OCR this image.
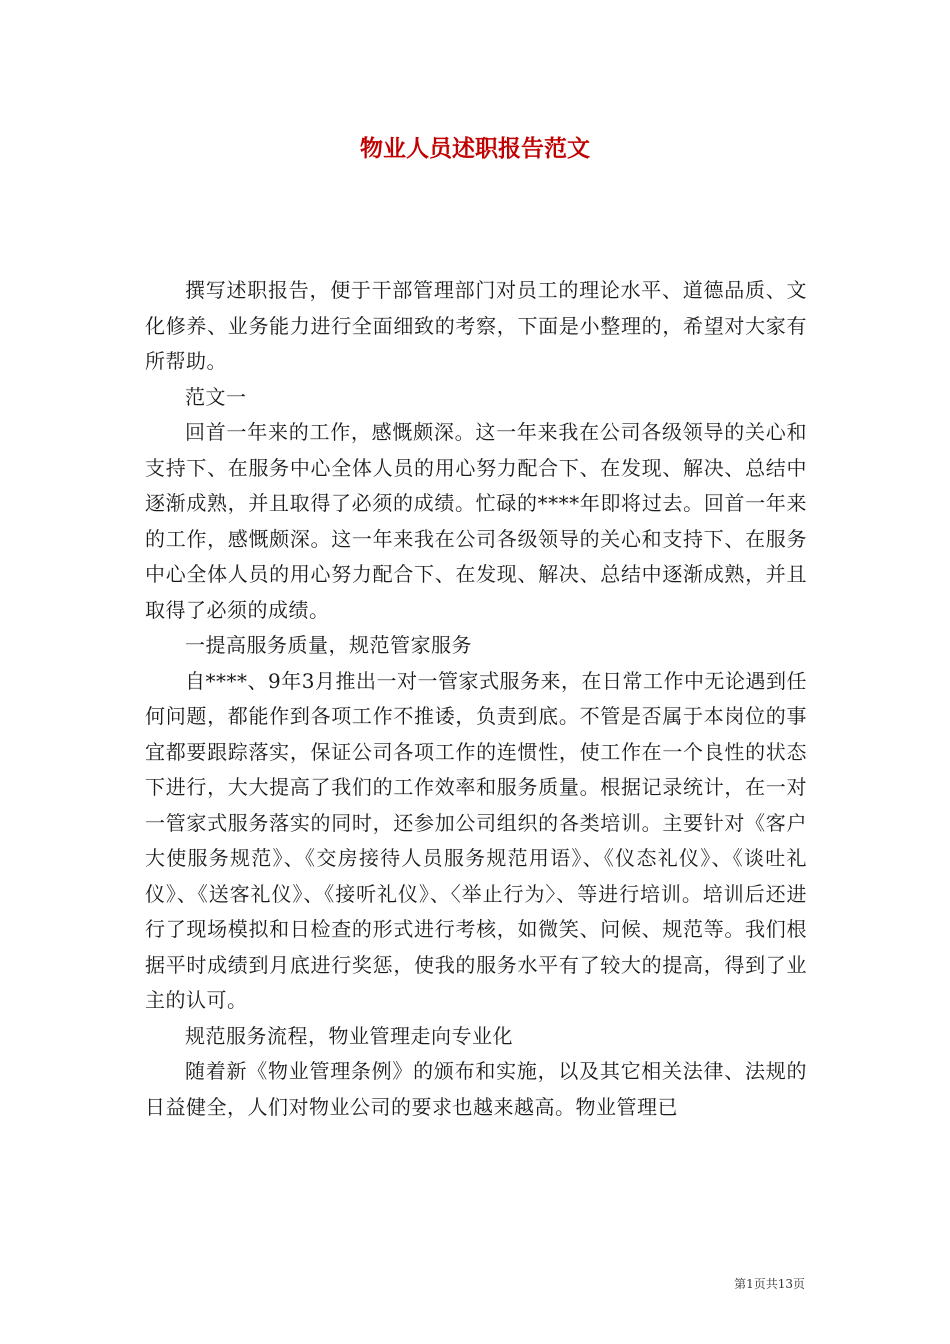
物业人员述职报告范文

撰写述职报告，便于干部管理部门对员工的理论水平、道德品质、文化修养、业务能力进行全面细致的考察，下面是小整理的，希望对大家有所帮助。

范文一

回首一年来的工作，感慨颇深。这一年来我在公司各级领导的关心和支持下、在服务中心全体人员的用心努力配合下、在发现、解决、总结中逐渐成熟，并且取得了必须的成绩。忙碌的****年即将过去。回首一年来的工作，感慨颇深。这一年来我在公司各级领导的关心和支持下、在服务中心全体人员的用心努力配合下、在发现、解决、总结中逐渐成熟，并且取得了必须的成绩。

一提高服务质量，规范管家服务

自****、9年3月推出一对一管家式服务来，在日常工作中无论遇到任何问题，都能作到各项工作不推诿，负责到底。不管是否属于本岗位的事宜都要跟踪落实，保证公司各项工作的连惯性，使工作在一个良性的状态下进行，大大提高了我们的工作效率和服务质量。根据记录统计，在一对一管家式服务落实的同时，还参加公司组织的各类培训。主要针对《客户大使服务规范》、《交房接待人员服务规范用语》、《仪态礼仪》、《谈吐礼仪》、《送客礼仪》、《接听礼仪》、〈举止行为〉、等进行培训。培训后还进行了现场模拟和日检查的形式进行考核，如微笑、问候、规范等。我们根据平时成绩到月底进行奖惩，使我的服务水平有了较大的提高，得到了业主的认可。

规范服务流程，物业管理走向专业化

随着新《物业管理条例》的颁布和实施，以及其它相关法律、法规的日益健全，人们对物业公司的要求也越来越高。物业管理已

第1页共13页
